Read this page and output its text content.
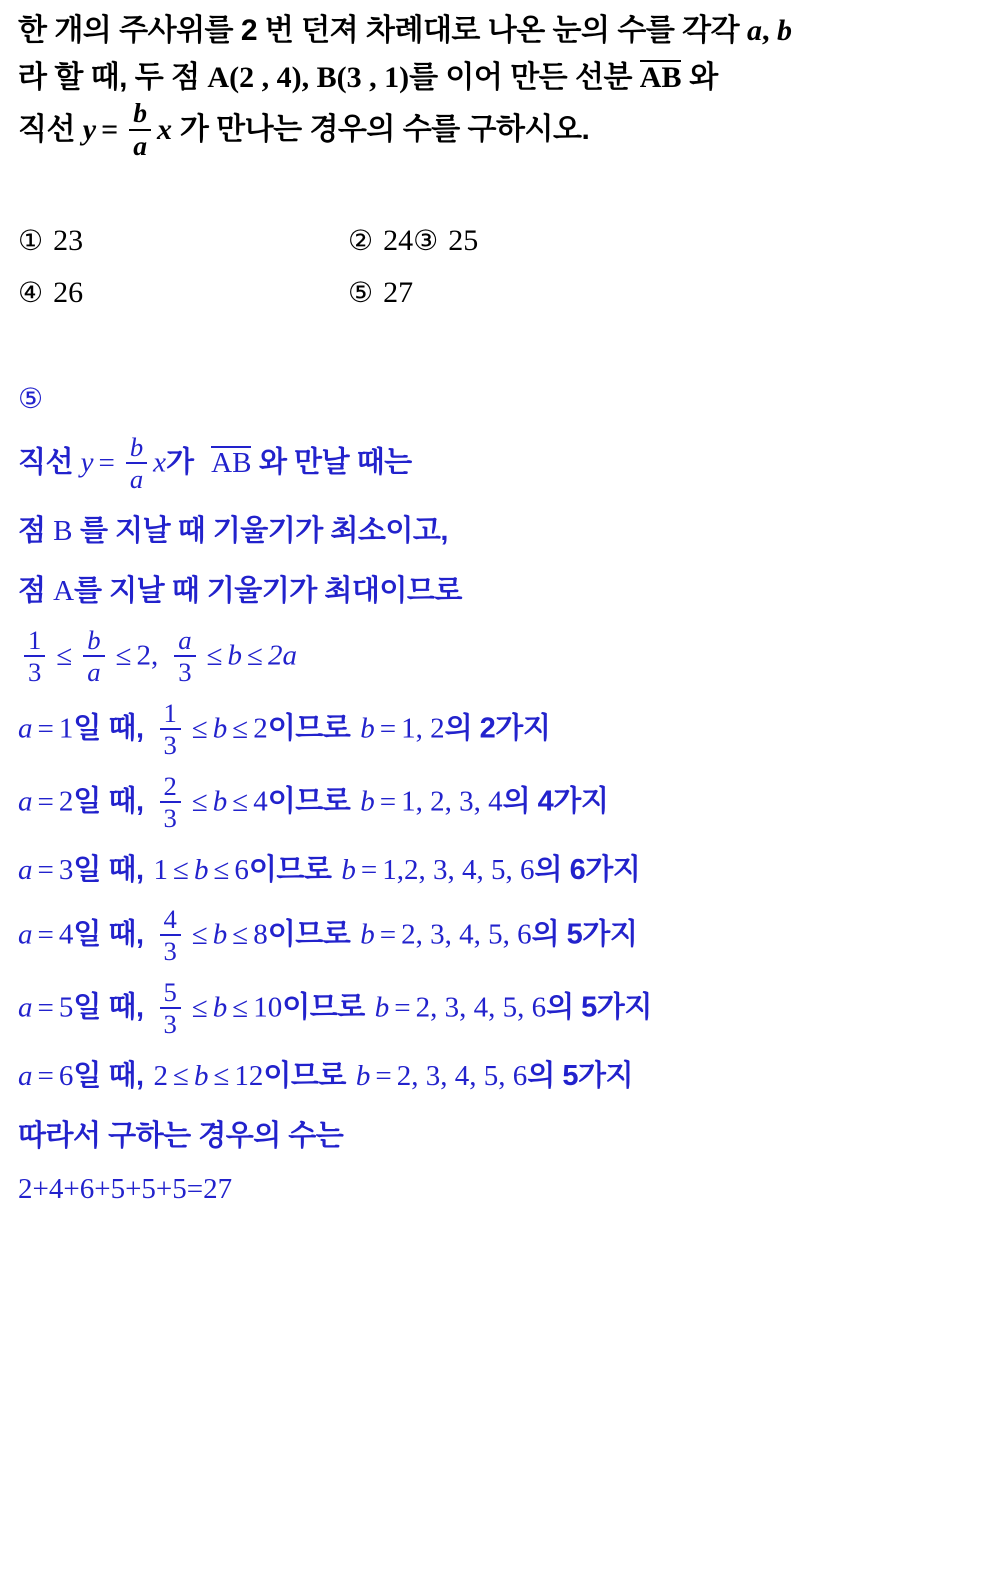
한 개의 주사위를 2 번 던져 차례대로 나온 눈의 수를 각각 a, b
라 할 때, 두 점 A(2 , 4), B(3 , 1)를 이어 만든 선분 AB 와
직선 $y = \frac{b}{a}$ x 가 만나는 경우의 수를 구하시오.
① 23	② 24③ 25
④ 26	⑤ 27
⑤
직선 $y = \frac{b}{a}$ x가 AB 와 만날 때는
점 B 를 지날 때 기울기가 최소이고,
점 A를 지날 때 기울기가 최대이므로
$\frac{1}{3} \le \frac{b}{a} \le 2$, $\frac{a}{3} \le b \le 2a$
a = 1일 때, $\frac{1}{3} \le b \le 2$이므로 b = 1, 2의 2가지
a = 2일 때, $\frac{2}{3} \le b \le 4$이므로 b = 1, 2, 3, 4의 4가지
a = 3일 때, 1 ≤ b ≤ 6이므로 b = 1,2, 3, 4, 5, 6의 6가지
a = 4일 때, $\frac{4}{3} \le b \le 8$이므로 b = 2, 3, 4, 5, 6의 5가지
a = 5일 때, $\frac{5}{3} \le b \le 10$이므로 b = 2, 3, 4, 5, 6의 5가지
a = 6일 때, 2 ≤ b ≤ 12이므로 b = 2, 3, 4, 5, 6의 5가지
따라서 구하는 경우의 수는
2+4+6+5+5+5=27
